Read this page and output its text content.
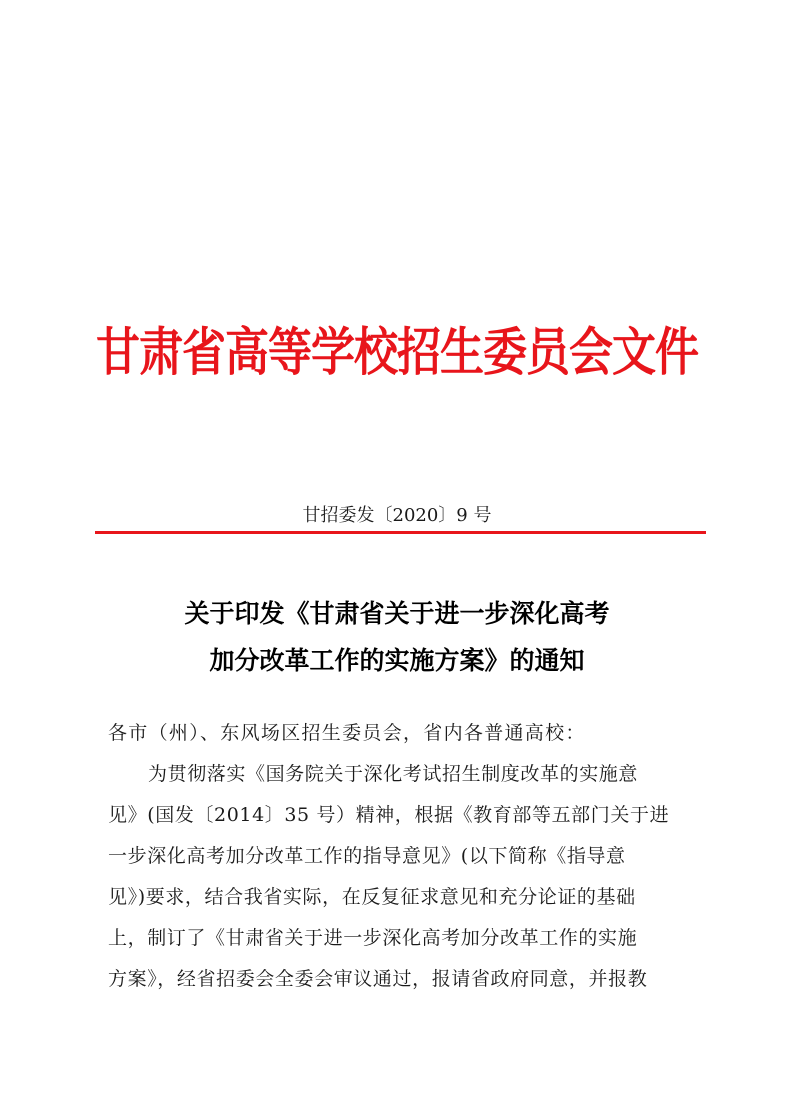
甘肃省高等学校招生委员会文件
甘招委发〔2020〕9 号
关于印发《甘肃省关于进一步深化高考
加分改革工作的实施方案》的通知
各市（州）、东风场区招生委员会，省内各普通高校：
为贯彻落实《国务院关于深化考试招生制度改革的实施意
见》(国发〔2014〕35 号）精神，根据《教育部等五部门关于进
一步深化高考加分改革工作的指导意见》(以下简称《指导意
见》)要求，结合我省实际，在反复征求意见和充分论证的基础
上，制订了《甘肃省关于进一步深化高考加分改革工作的实施
方案》，经省招委会全委会审议通过，报请省政府同意，并报教
